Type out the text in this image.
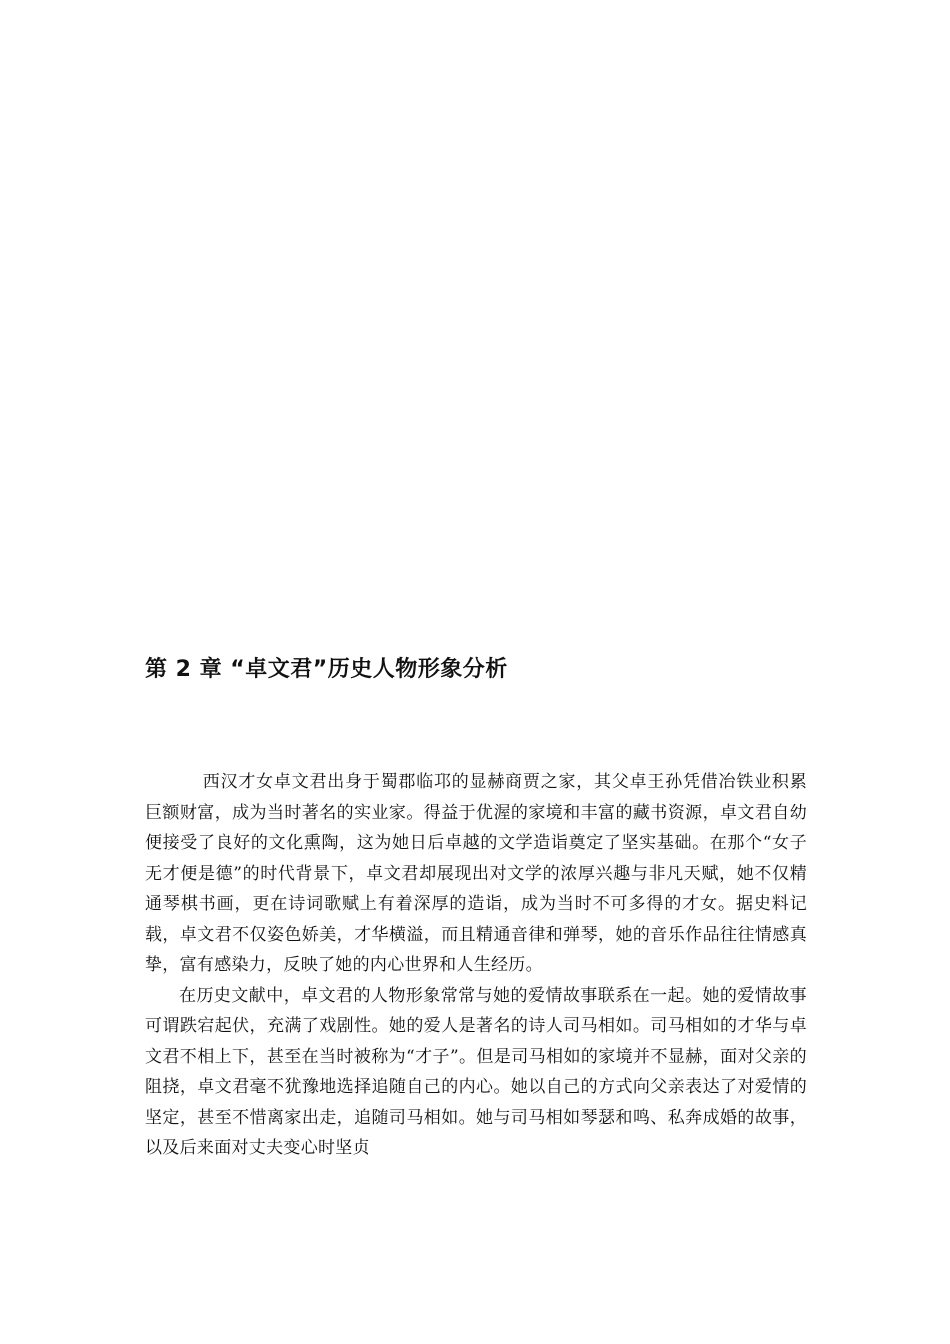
第 2 章 “卓文君”历史人物形象分析

西汉才女卓文君出身于蜀郡临邛的显赫商贾之家，其父卓王孙凭借冶铁业积累巨额财富，成为当时著名的实业家。得益于优渥的家境和丰富的藏书资源，卓文君自幼便接受了良好的文化熏陶，这为她日后卓越的文学造诣奠定了坚实基础。在那个“女子无才便是德”的时代背景下，卓文君却展现出对文学的浓厚兴趣与非凡天赋，她不仅精通琴棋书画，更在诗词歌赋上有着深厚的造诣，成为当时不可多得的才女。据史料记载，卓文君不仅姿色娇美，才华横溢，而且精通音律和弹琴，她的音乐作品往往情感真挚，富有感染力，反映了她的内心世界和人生经历。

在历史文献中，卓文君的人物形象常常与她的爱情故事联系在一起。她的爱情故事可谓跌宕起伏，充满了戏剧性。她的爱人是著名的诗人司马相如。司马相如的才华与卓文君不相上下，甚至在当时被称为“才子”。但是司马相如的家境并不显赫，面对父亲的阻挠，卓文君毫不犹豫地选择追随自己的内心。她以自己的方式向父亲表达了对爱情的坚定，甚至不惜离家出走，追随司马相如。她与司马相如琴瑟和鸣、私奔成婚的故事，以及后来面对丈夫变心时坚贞
